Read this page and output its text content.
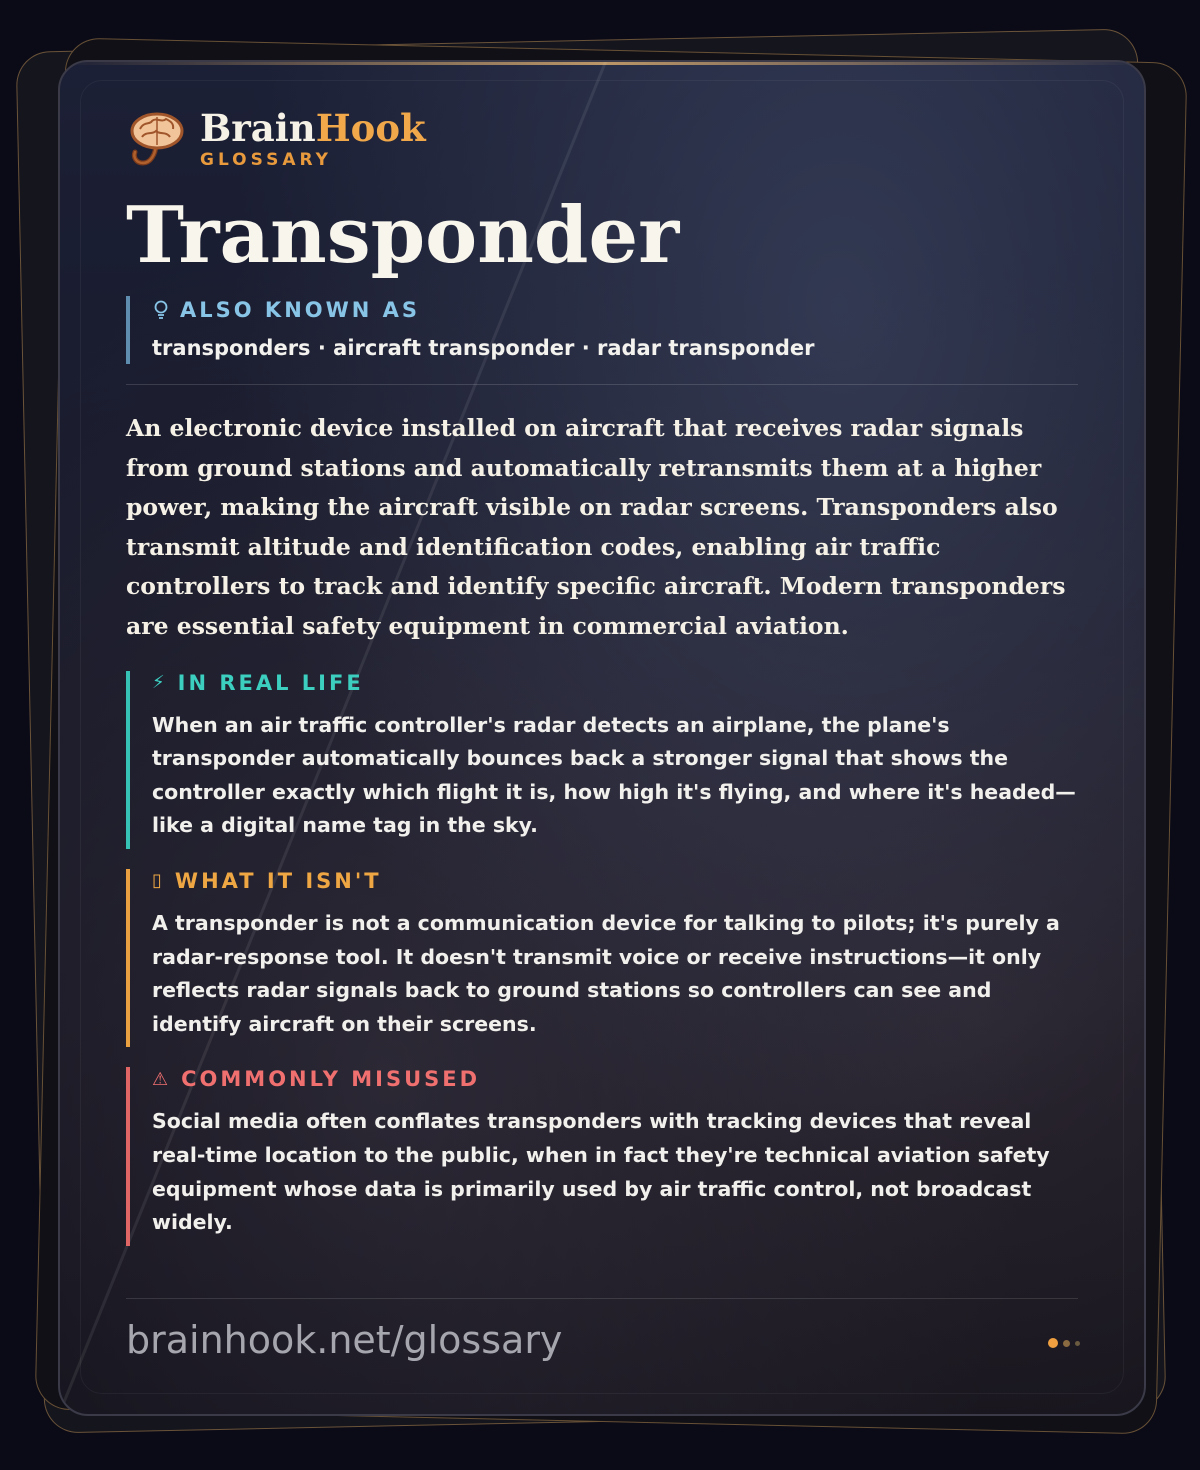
BrainHook
GLOSSARY
Transponder
ALSO KNOWN AS
transponders · aircraft transponder · radar transponder
An electronic device installed on aircraft that receives radar signals from ground stations and automatically retransmits them at a higher power, making the aircraft visible on radar screens. Transponders also transmit altitude and identification codes, enabling air traffic controllers to track and identify specific aircraft. Modern transponders are essential safety equipment in commercial aviation.
⚡ IN REAL LIFE
When an air traffic controller's radar detects an airplane, the plane's transponder automatically bounces back a stronger signal that shows the controller exactly which flight it is, how high it's flying, and where it's headed—like a digital name tag in the sky.
▯ WHAT IT ISN'T
A transponder is not a communication device for talking to pilots; it's purely a radar-response tool. It doesn't transmit voice or receive instructions—it only reflects radar signals back to ground stations so controllers can see and identify aircraft on their screens.
⚠ COMMONLY MISUSED
Social media often conflates transponders with tracking devices that reveal real-time location to the public, when in fact they're technical aviation safety equipment whose data is primarily used by air traffic control, not broadcast widely.
brainhook.net/glossary
